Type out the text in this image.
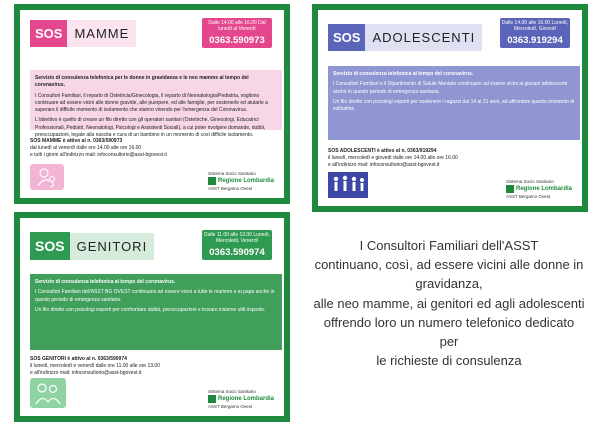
SOS MAMME
Dalle 14.00 alle 16.00 Dal lunedì al Venerdì
0363.590973

Servizio di consulenza telefonica per le donne in gravidanza e le neo mamme al tempo del coronavirus.

I Consultori Familiari, il reparto di Ostetricia/Ginecologia, il reparto di Neonatologia/Pediatria, vogliono continuare ad essere vicini alle donne gravide, alle puerpere, ed alle famiglie, per sostenerle ed aiutarle a superare il difficile momento di isolamento che stanno vivendo per l'emergenza del Coronavirus.

L'obiettivo è quello di creare un filo diretto con gli operatori sanitari (Ostetriche, Ginecologi, Educatrici Professionali, Pediatri, Neonatologi, Psicologi e Assistenti Sociali), a cui poter rivolgere domande, dubbi, preoccupazioni, legate alla nascita e cura di un bambino in un momento di così difficile isolamento.

SOS MAMME è attivo al n. 0363/590973
dal lunedì al venerdì dalle ore 14.00 alle ore 16.00
e tutti i giorni all'indirizzo mail: infoconsultorio@asst-bgovest.it
Sistema Socio Sanitario
Regione Lombardia
ASST Bergamo Ovest
SOS ADOLESCENTI
Dalle 14.00 alle 16.00 Lunedì, Mercoledì, Giovedì
0363.919294

Servizio di consulenza telefonica al tempo del coronavirus.

I Consultori Familiari e il Dipartimento di Salute Mentale continuano ad essere vicini ai giovani adolescenti anche in questo periodo di emergenza sanitaria.

Un filo diretto con psicologi esperti per sostenere i ragazzi dai 14 ai 21 anni, ad affrontare questo momento di solitudine.

SOS ADOLESCENTI è attivo al n. 0363/919294
il lunedì, mercoledì e giovedì dalle ore 14.00 alle ore 16.00
e all'indirizzo mail: infoconsultorio@asst-bgovest.it
Sistema Socio Sanitario
Regione Lombardia
ASST Bergamo Ovest
SOS GENITORI
Dalle 11.00 alle 13.00 Lunedì, Mercoledì, Venerdì
0363.590974

Servizio di consulenza telefonica al tempo del coronavirus.

I Consultori Familiari dell'ASST BG OVEST continuano ad essere vicini a tutte le mamme e ai papà anche in questo periodo di emergenza sanitaria.

Un filo diretto con psicologi esperti per confrontare dubbi, preoccupazioni e trovare insieme utili risposte.

SOS GENITORI è attivo al n. 0363/590974
il lunedì, mercoledì e venerdì dalle ore 11.00 alle ore 13.00
e all'indirizzo mail: infoconsultorio@asst-bgovest.it
Sistema Socio Sanitario
Regione Lombardia
ASST Bergamo Ovest
I Consultori Familiari dell'ASST
continuano, così, ad essere vicini alle donne in
gravidanza,
alle neo mamme, ai genitori ed agli adolescenti
offrendo loro un numero telefonico dedicato
per
le richieste di consulenza
